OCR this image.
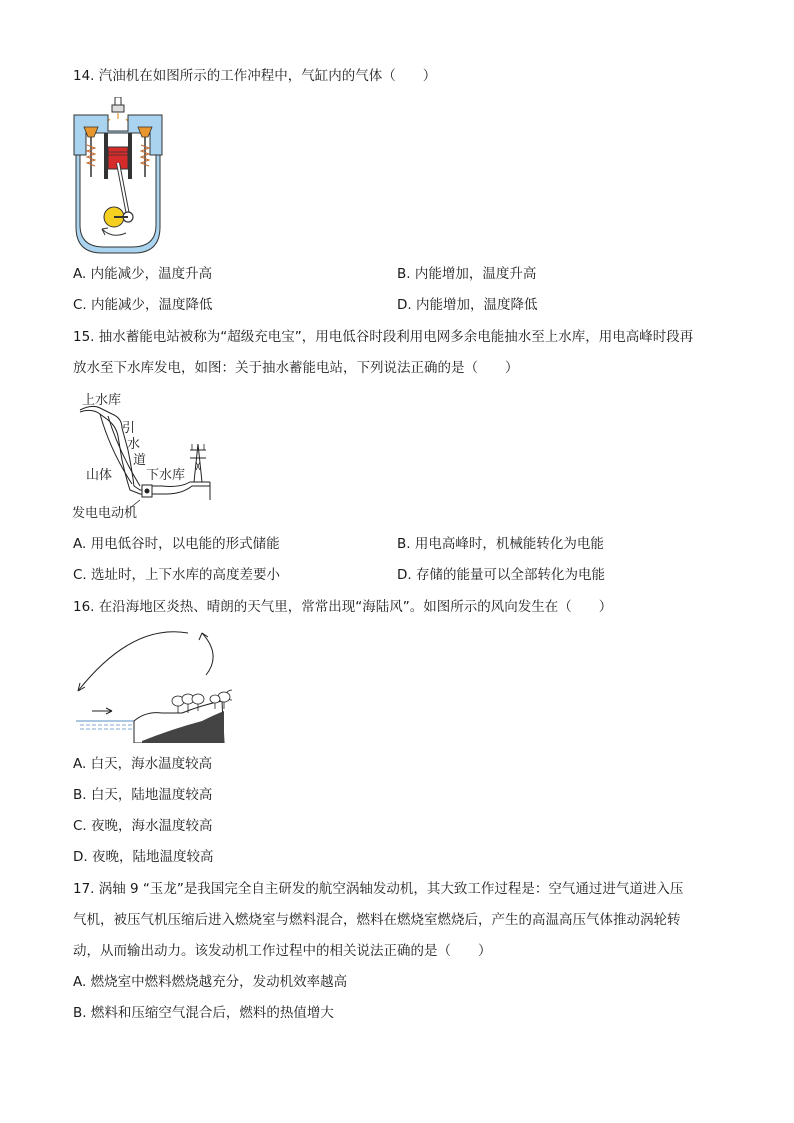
14. 汽油机在如图所示的工作冲程中，气缸内的气体（　　）
A. 内能减少，温度升高	B. 内能增加，温度升高
C. 内能减少，温度降低	D. 内能增加，温度降低
15. 抽水蓄能电站被称为“超级充电宝”，用电低谷时段利用电网多余电能抽水至上水库，用电高峰时段再
放水至下水库发电，如图：关于抽水蓄能电站，下列说法正确的是（　　）
上水库
引
水
道
山体	下水库
发电电动机
A. 用电低谷时，以电能的形式储能	B. 用电高峰时，机械能转化为电能
C. 选址时，上下水库的高度差要小	D. 存储的能量可以全部转化为电能
16. 在沿海地区炎热、晴朗的天气里，常常出现“海陆风”。如图所示的风向发生在（　　）
A. 白天，海水温度较高
B. 白天，陆地温度较高
C. 夜晚，海水温度较高
D. 夜晚，陆地温度较高
17. 涡轴 9 “玉龙”是我国完全自主研发的航空涡轴发动机，其大致工作过程是：空气通过进气道进入压
气机，被压气机压缩后进入燃烧室与燃料混合，燃料在燃烧室燃烧后，产生的高温高压气体推动涡轮转
动，从而输出动力。该发动机工作过程中的相关说法正确的是（　　）
A. 燃烧室中燃料燃烧越充分，发动机效率越高
B. 燃料和压缩空气混合后，燃料的热值增大
